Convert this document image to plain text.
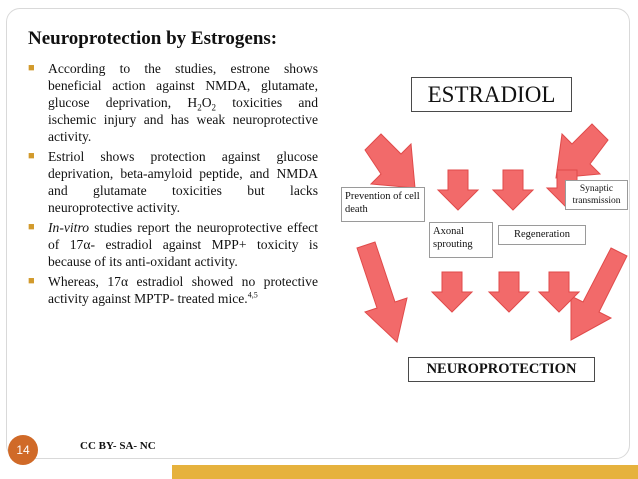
Neuroprotection by Estrogens:
■ According to the studies, estrone shows beneficial action against NMDA, glutamate, glucose deprivation, $H_2O_2$ toxicities and ischemic injury and has weak neuroprotective activity.
■ Estriol shows protection against glucose deprivation, beta-amyloid peptide, and NMDA and glutamate toxicities but lacks neuroprotective activity.
■ In-vitro studies report the neuroprotective effect of 17α- estradiol against MPP+ toxicity is because of its anti-oxidant activity.
■ Whereas, 17α estradiol showed no protective activity against MPTP- treated mice.$^{4,5}$
ESTRADIOL
Prevention of cell death
Axonal sprouting
Regeneration
Synaptic transmission
NEUROPROTECTION
14	CC BY- SA- NC
